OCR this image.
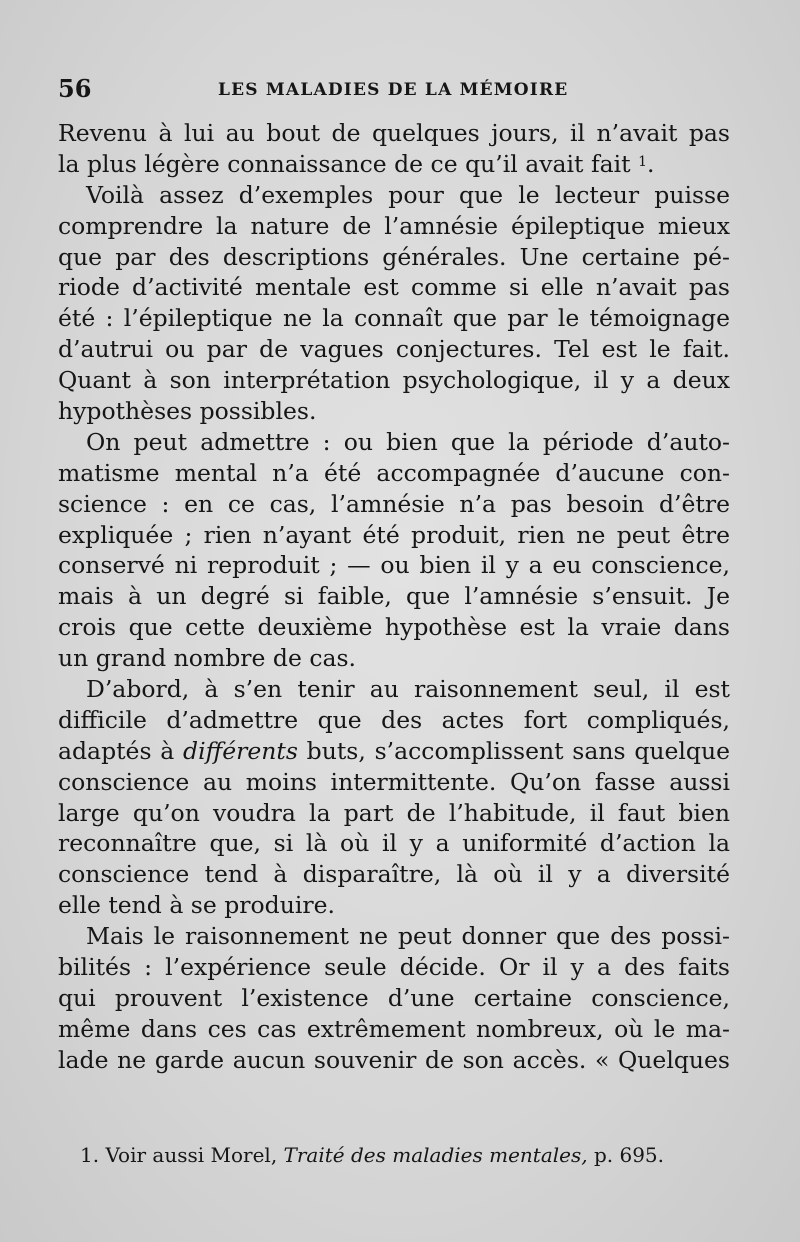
56	LES MALADIES DE LA MÉMOIRE
Revenu à lui au bout de quelques jours, il n’avait pas
la plus légère connaissance de ce qu’il avait fait $^1$.
Voilà assez d’exemples pour que le lecteur puisse
comprendre la nature de l’amnésie épileptique mieux
que par des descriptions générales. Une certaine pé-
riode d’activité mentale est comme si elle n’avait pas
été : l’épileptique ne la connaît que par le témoignage
d’autrui ou par de vagues conjectures. Tel est le fait.
Quant à son interprétation psychologique, il y a deux
hypothèses possibles.
On peut admettre : ou bien que la période d’auto-
matisme mental n’a été accompagnée d’aucune con-
science : en ce cas, l’amnésie n’a pas besoin d’être
expliquée ; rien n’ayant été produit, rien ne peut être
conservé ni reproduit ; — ou bien il y a eu conscience,
mais à un degré si faible, que l’amnésie s’ensuit. Je
crois que cette deuxième hypothèse est la vraie dans
un grand nombre de cas.
D’abord, à s’en tenir au raisonnement seul, il est
difficile d’admettre que des actes fort compliqués,
adaptés à différents buts, s’accomplissent sans quelque
conscience au moins intermittente. Qu’on fasse aussi
large qu’on voudra la part de l’habitude, il faut bien
reconnaître que, si là où il y a uniformité d’action la
conscience tend à disparaître, là où il y a diversité
elle tend à se produire.
Mais le raisonnement ne peut donner que des possi-
bilités : l’expérience seule décide. Or il y a des faits
qui prouvent l’existence d’une certaine conscience,
même dans ces cas extrêmement nombreux, où le ma-
lade ne garde aucun souvenir de son accès. « Quelques
1. Voir aussi Morel, Traité des maladies mentales, p. 695.
